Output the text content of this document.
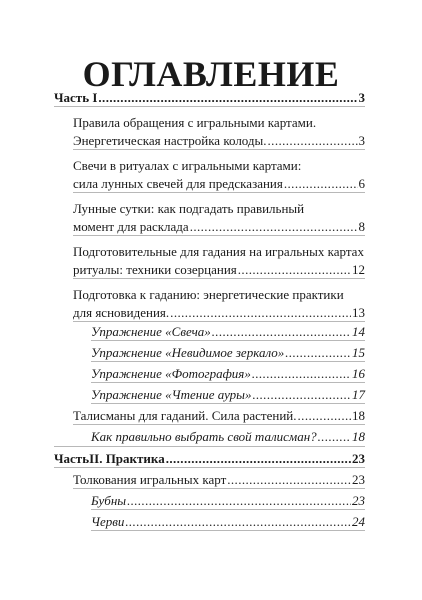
ОГЛАВЛЕНИЕ
Часть I .....	3
Правила обращения с игральными картами.
Энергетическая настройка колоды. .....	3
Свечи в ритуалах с игральными картами:
сила лунных свечей для предсказания .....	6
Лунные сутки: как подгадать правильный
момент для расклада .....	8
Подготовительные для гадания на игральных картах
ритуалы: техники созерцания .....	12
Подготовка к гаданию: энергетические практики
для ясновидения. .....	13
Упражнение «Свеча» .....	14
Упражнение «Невидимое зеркало» .....	15
Упражнение «Фотография» .....	16
Упражнение «Чтение ауры» .....	17
Талисманы для гаданий. Сила растений. .....	18
Как правильно выбрать свой талисман? .....	18
ЧастьII. Практика .....	23
Толкования игральных карт .....	23
Бубны .....	23
Черви .....	24
